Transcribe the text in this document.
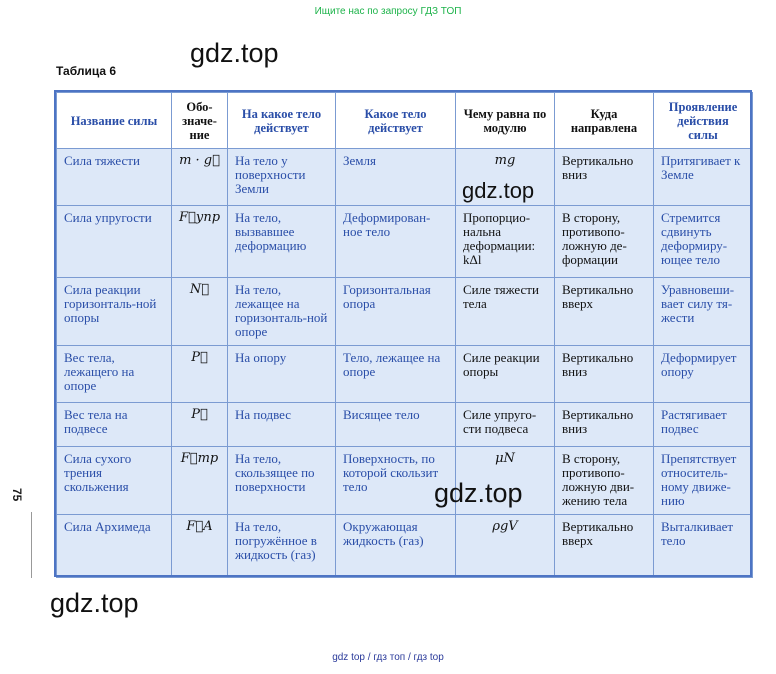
Ищите нас по запросу ГДЗ ТОП
gdz.top
Таблица 6
Название силы	Обо-значе-ние	На какое тело действует	Какое тело действует	Чему равна по модулю	Куда направлена	Проявление действия силы
Сила тяжести	m · g⃗	На тело у поверхности Земли	Земля	mg	Вертикально вниз	Притягивает к Земле
Сила упругости	F⃗упр	На тело, вызвавшее деформацию	Деформирован-ное тело	Пропорцио-нальна деформации: kΔl	В сторону, противопо-ложную де-формации	Стремится сдвинуть деформиру-ющее тело
Сила реакции горизонталь-ной опоры	N⃗	На тело, лежащее на горизонталь-ной опоре	Горизонтальная опора	Силе тяжести тела	Вертикально вверх	Уравновеши-вает силу тя-жести
Вес тела, лежащего на опоре	P⃗	На опору	Тело, лежащее на опоре	Силе реакции опоры	Вертикально вниз	Деформирует опору
Вес тела на подвесе	P⃗	На подвес	Висящее тело	Силе упруго-сти подвеса	Вертикально вниз	Растягивает подвес
Сила сухого трения скольжения	F⃗тр	На тело, скользящее по поверхности	Поверхность, по которой скользит тело	μN	В сторону, противопо-ложную дви-жению тела	Препятствует относитель-ному движе-нию
Сила Архимеда	F⃗A	На тело, погружённое в жидкость (газ)	Окружающая жидкость (газ)	ρgV	Вертикально вверх	Выталкивает тело
gdz.top
gdz.top
gdz.top
75
gdz top / гдз топ / гдз top
